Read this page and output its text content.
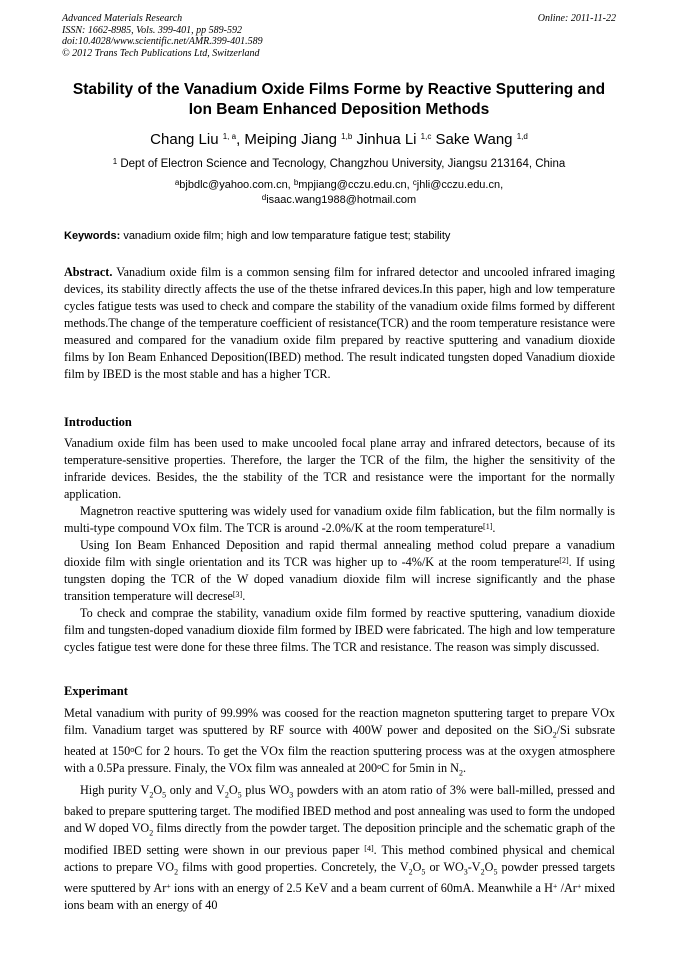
Advanced Materials Research
ISSN: 1662-8985, Vols. 399-401, pp 589-592
doi:10.4028/www.scientific.net/AMR.399-401.589
© 2012 Trans Tech Publications Ltd, Switzerland
Online: 2011-11-22
Stability of the Vanadium Oxide Films Forme by Reactive Sputtering and
Ion Beam Enhanced Deposition Methods
Chang Liu $^{1, a}$, Meiping Jiang $^{1,b}$ Jinhua Li $^{1,c}$ Sake Wang $^{1,d}$
$^1$ Dept of Electron Science and Tecnology, Changzhou University, Jiangsu 213164, China
$^a$bjbdlc@yahoo.com.cn, $^b$mpjiang@cczu.edu.cn, $^c$jhli@cczu.edu.cn,
$^d$isaac.wang1988@hotmail.com
Keywords: vanadium oxide film; high and low temparature fatigue test; stability

Abstract. Vanadium oxide film is a common sensing film for infrared detector and uncooled infrared imaging devices, its stability directly affects the use of the thetse infrared devices.In this paper, high and low temperature cycles fatigue tests was used to check and compare the stability of the vanadium oxide films formed by different methods.The change of the temperature coefficient of resistance(TCR) and the room temperature resistance were measured and compared for the vanadium oxide film prepared by reactive sputtering and vanadium dioxide films by Ion Beam Enhanced Deposition(IBED) method. The result indicated tungsten doped Vanadium dioxide film by IBED is the most stable and has a higher TCR.

Introduction

Vanadium oxide film has been used to make uncooled focal plane array and infrared detectors, because of its temperature-sensitive properties. Therefore, the larger the TCR of the film, the higher the sensitivity of the infraride devices. Besides, the the stability of the TCR and resistance were the important for the normally application.

Magnetron reactive sputtering was widely used for vanadium oxide film fablication, but the film normally is multi-type compound VOx film. The TCR is around -2.0%/K at the room temperature[1].

Using Ion Beam Enhanced Deposition and rapid thermal annealing method colud prepare a vanadium dioxide film with single orientation and its TCR was higher up to -4%/K at the room temperature[2]. If using tungsten doping the TCR of the W doped vanadium dioxide film will increse significantly and the phase transition temperature will decrese[3].

To check and comprae the stability, vanadium oxide film formed by reactive sputtering, vanadium dioxide film and tungsten-doped vanadium dioxide film formed by IBED were fabricated. The high and low temperature cycles fatigue test were done for these three films. The TCR and resistance. The reason was simply discussed.

Experimant

Metal vanadium with purity of 99.99% was coosed for the reaction magneton sputtering target to prepare VOx film. Vanadium target was sputtered by RF source with 400W power and deposited on the SiO$_2$/Si subsrate heated at 150$^o$C for 2 hours. To get the VOx film the reaction sputtering process was at the oxygen atmosphere with a 0.5Pa pressure. Finaly, the VOx film was annealed at 200$^o$C for 5min in $N_2$.

High purity $V_2O_5$ only and $V_2O_5$ plus $WO_3$ powders with an atom ratio of 3% were ball-milled, pressed and baked to prepare sputtering target. The modified IBED method and post annealing was used to form the undoped and W doped $VO_2$ films directly from the powder target. The deposition principle and the schematic graph of the modified IBED setting were shown in our previous paper [4]. This method combined physical and chemical actions to prepare $VO_2$ films with good properties. Concretely, the $V_2O_5$ or $WO_3-V_2O_5$ powder pressed targets were sputtered by Ar+ ions with an energy of 2.5 KeV and a beam current of 60mA. Meanwhile a H+ /Ar+ mixed ions beam with an energy of 40
